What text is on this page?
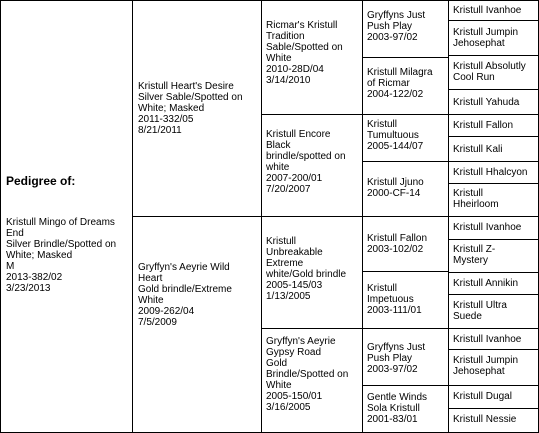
Pedigree of:

Kristull Mingo of Dreams
End
Silver Brindle/Spotted on
White; Masked
M
2013-382/02
3/23/2013

Kristull Heart's Desire
Silver Sable/Spotted on
White; Masked
2011-332/05
8/21/2011
Gryffyn's Aeyrie Wild
Heart
Gold brindle/Extreme
White
2009-262/04
7/5/2009
Ricmar's Kristull
Tradition
Sable/Spotted on
White
2010-28D/04
3/14/2010
Kristull Encore
Black
brindle/spotted on
white
2007-200/01
7/20/2007
Kristull
Unbreakable
Extreme
white/Gold brindle
2005-145/03
1/13/2005
Gryffyn's Aeyrie
Gypsy Road
Gold
Brindle/Spotted on
White
2005-150/01
3/16/2005
Gryffyns Just
Push Play
2003-97/02
Kristull Milagra
of Ricmar
2004-122/02
Kristull
Tumultuous
2005-144/07
Kristull Jjuno
2000-CF-14
Kristull Fallon
2003-102/02
Kristull
Impetuous
2003-111/01
Gryffyns Just
Push Play
2003-97/02
Gentle Winds
Sola Kristull
2001-83/01
Kristull Ivanhoe
Kristull Jumpin
Jehosephat
Kristull Absolutly
Cool Run
Kristull Yahuda
Kristull Fallon
Kristull Kali
Kristull Hhalcyon
Kristull
Hheirloom
Kristull Ivanhoe
Kristull Z-
Mystery
Kristull Annikin
Kristull Ultra
Suede
Kristull Ivanhoe
Kristull Jumpin
Jehosephat
Kristull Dugal
Kristull Nessie
